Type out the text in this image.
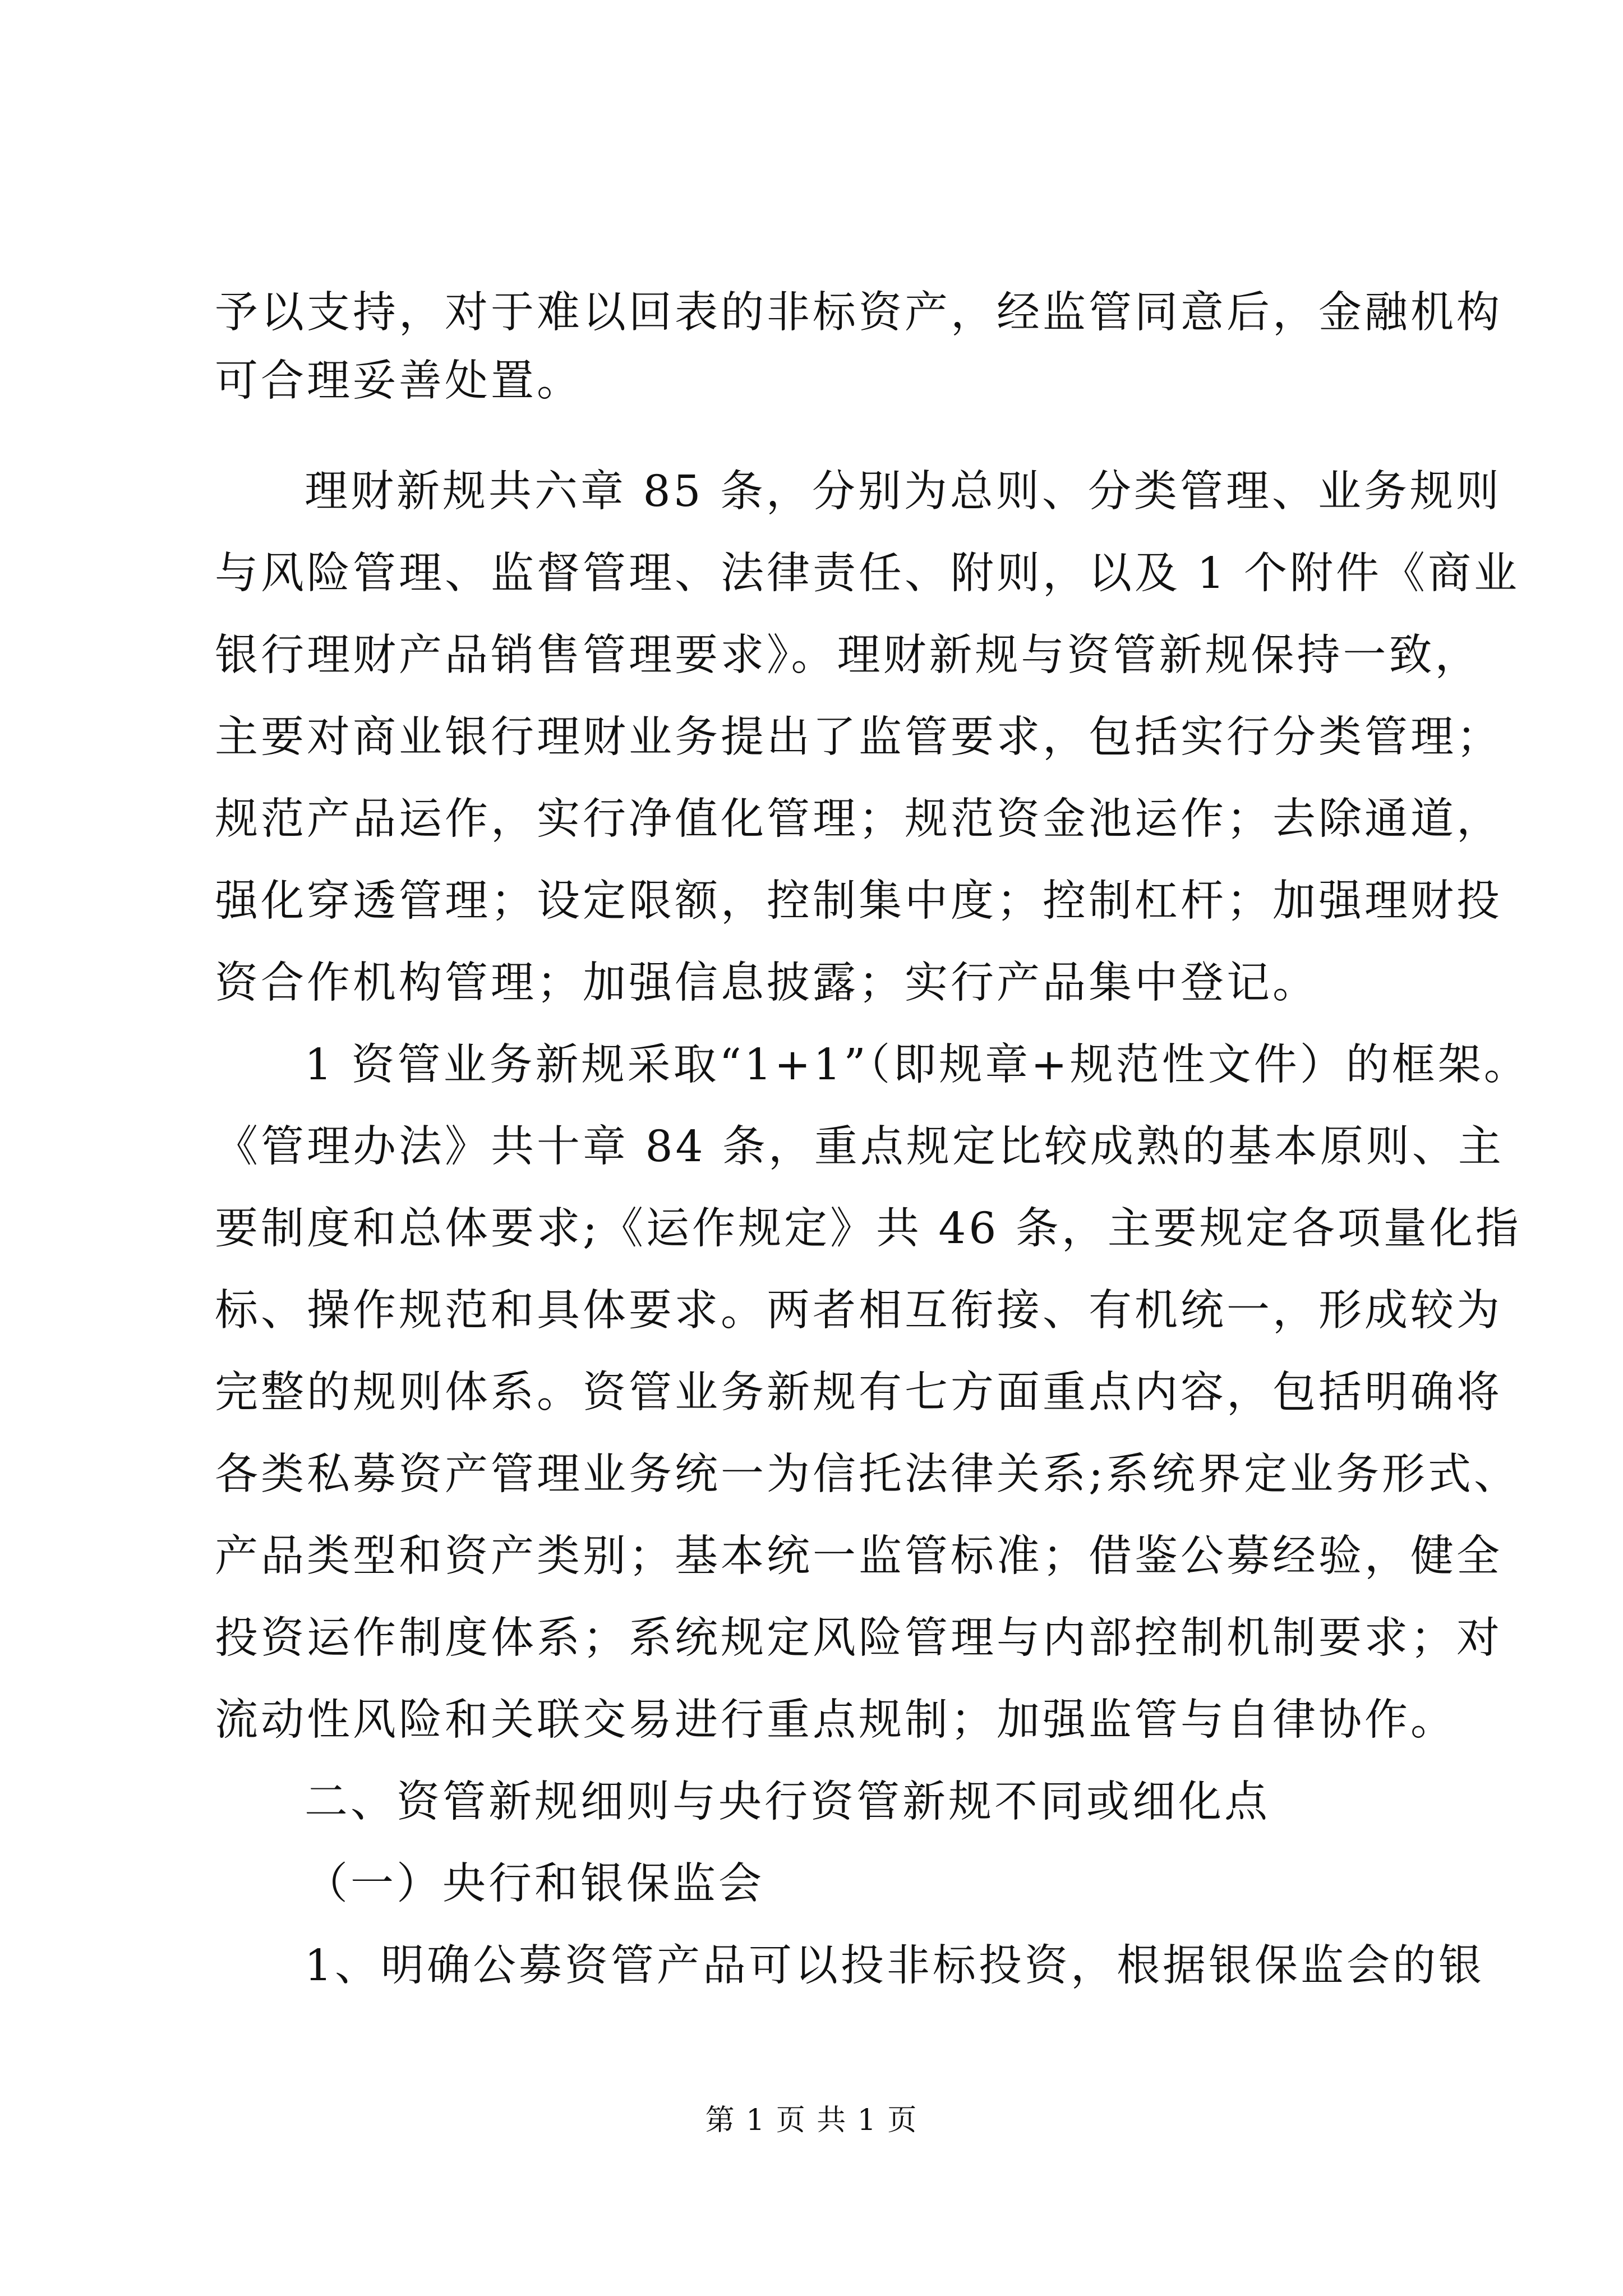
予以支持，对于难以回表的非标资产，经监管同意后，金融机构
可合理妥善处置。
理财新规共六章 85 条，分别为总则、分类管理、业务规则
与风险管理、监督管理、法律责任、附则，以及 1 个附件《商业
银行理财产品销售管理要求》。理财新规与资管新规保持一致，
主要对商业银行理财业务提出了监管要求，包括实行分类管理；
规范产品运作，实行净值化管理；规范资金池运作；去除通道，
强化穿透管理；设定限额，控制集中度；控制杠杆；加强理财投
资合作机构管理；加强信息披露；实行产品集中登记。
1 资管业务新规采取“1+1”（即规章+规范性文件）的框架。
《管理办法》共十章 84 条，重点规定比较成熟的基本原则、主
要制度和总体要求;《运作规定》共 46 条，主要规定各项量化指
标、操作规范和具体要求。两者相互衔接、有机统一，形成较为
完整的规则体系。资管业务新规有七方面重点内容，包括明确将
各类私募资产管理业务统一为信托法律关系;系统界定业务形式、
产品类型和资产类别；基本统一监管标准；借鉴公募经验，健全
投资运作制度体系；系统规定风险管理与内部控制机制要求；对
流动性风险和关联交易进行重点规制；加强监管与自律协作。
二、资管新规细则与央行资管新规不同或细化点
（一）央行和银保监会
1、明确公募资管产品可以投非标投资，根据银保监会的银
第 1 页 共 1 页
